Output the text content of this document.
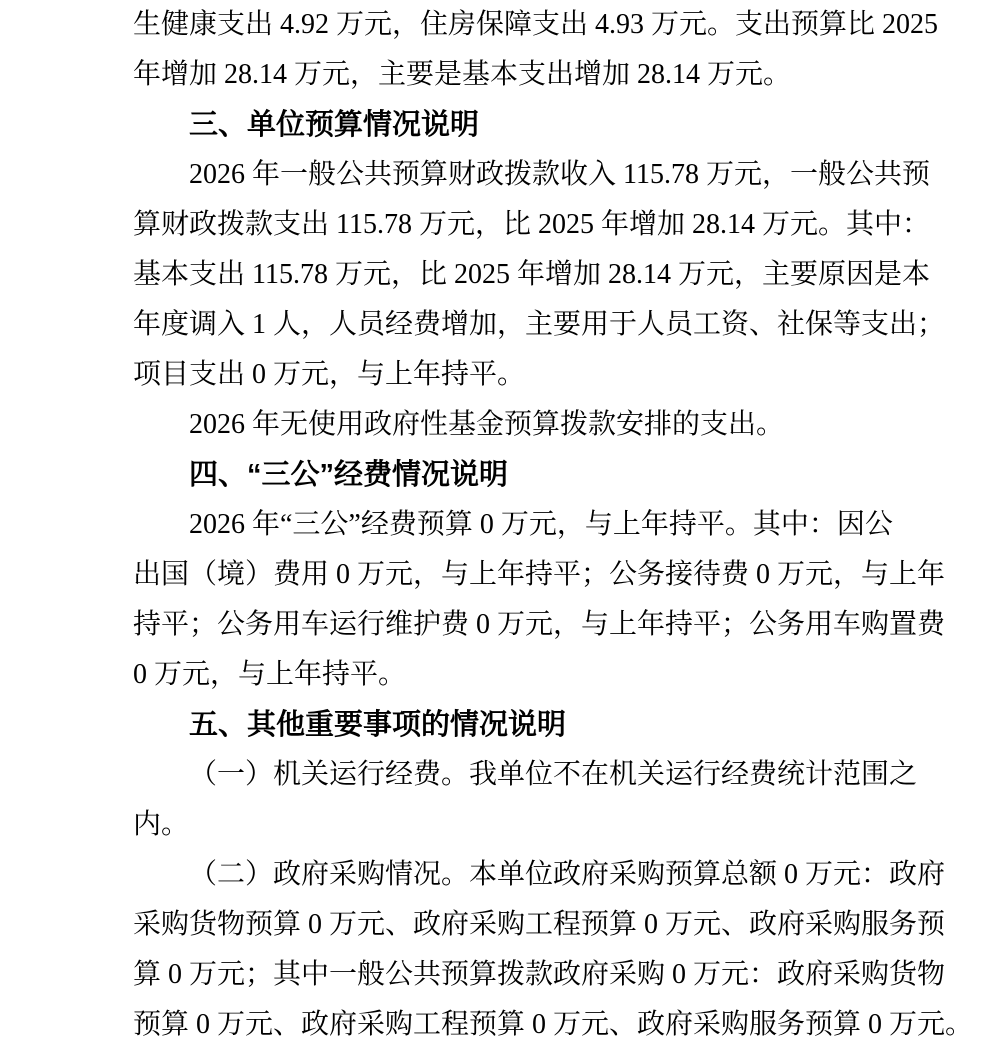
生健康支出 4.92 万元，住房保障支出 4.93 万元。支出预算比 2025
年增加 28.14 万元，主要是基本支出增加 28.14 万元。
三、单位预算情况说明
2026 年一般公共预算财政拨款收入 115.78 万元，一般公共预
算财政拨款支出 115.78 万元，比 2025 年增加 28.14 万元。其中：
基本支出 115.78 万元，比 2025 年增加 28.14 万元，主要原因是本
年度调入 1 人，人员经费增加，主要用于人员工资、社保等支出；
项目支出 0 万元，与上年持平。
2026 年无使用政府性基金预算拨款安排的支出。
四、“三公”经费情况说明
2026 年“三公”经费预算 0 万元，与上年持平。其中：因公
出国（境）费用 0 万元，与上年持平；公务接待费 0 万元，与上年
持平；公务用车运行维护费 0 万元，与上年持平；公务用车购置费
0 万元，与上年持平。
五、其他重要事项的情况说明
（一）机关运行经费。我单位不在机关运行经费统计范围之
内。
（二）政府采购情况。本单位政府采购预算总额 0 万元：政府
采购货物预算 0 万元、政府采购工程预算 0 万元、政府采购服务预
算 0 万元；其中一般公共预算拨款政府采购 0 万元：政府采购货物
预算 0 万元、政府采购工程预算 0 万元、政府采购服务预算 0 万元。
